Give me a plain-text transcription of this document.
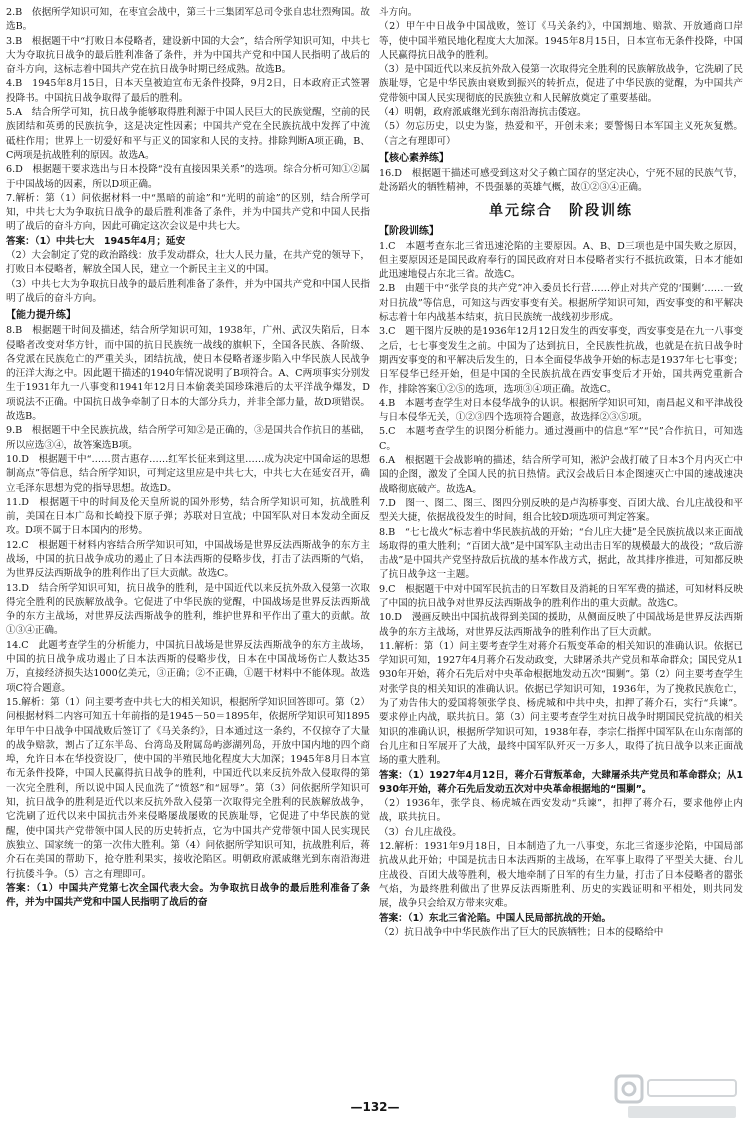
2.B　依据所学知识可知，在枣宜会战中，第三十三集团军总司令张自忠壮烈殉国。故选B。

3.B　根据题干中“打败日本侵略者，建设新中国的大会”，结合所学知识可知，中共七大为夺取抗日战争的最后胜利准备了条件，并为中国共产党和中国人民指明了战后的奋斗方向，这标志着中国共产党在抗日战争时期已经成熟。故选B。

4.B　1945年8月15日，日本天皇被迫宣布无条件投降，9月2日，日本政府正式签署投降书。中国抗日战争取得了最后的胜利。

5.A　结合所学可知，抗日战争能够取得胜利源于中国人民巨大的民族觉醒，空前的民族团结和英勇的民族抗争，这是决定性因素；中国共产党在全民族抗战中发挥了中流砥柱作用；世界上一切爱好和平与正义的国家和人民的支持。排除判断A项正确，B、C两项是抗战胜利的原因。故选A。

6.D　根据题干要求选出与日本投降“没有直接因果关系”的选项。综合分析可知①②属于中国战场的因素，所以D项正确。

7.解析：第（1）问依据材料一中“黑暗的前途”和“光明的前途”的区别，结合所学可知，中共七大为争取抗日战争的最后胜利准备了条件，并为中国共产党和中国人民指明了战后的奋斗方向，因此可确定这次会议是中共七大。

答案：（1）中共七大　1945年4月；延安

（2）大会制定了党的政治路线：放手发动群众，壮大人民力量，在共产党的领导下，打败日本侵略者，解放全国人民，建立一个新民主主义的中国。

（3）中共七大为争取抗日战争的最后胜利准备了条件，并为中国共产党和中国人民指明了战后的奋斗方向。

【能力提升练】

8.B　根据题干时间及描述，结合所学知识可知，1938年，广州、武汉失陷后，日本侵略者改变对华方针，而中国的抗日民族统一战线的旗帜下，全国各民族、各阶级、各党派在民族危亡的严重关头，团结抗战，使日本侵略者逐步陷入中华民族人民战争的汪洋大海之中。因此题干描述的1940年情况说明了B项符合。A、C两项事实分别发生于1931年九一八事变和1941年12月日本偷袭美国珍珠港后的太平洋战争爆发，D项说法不正确。中国抗日战争牵制了日本的大部分兵力，并非全部力量，故D项错误。故选B。

9.B　根据题干中全民族抗战，结合所学可知②是正确的，③是国共合作抗日的基础，所以应选③④，故答案选B项。

10.D　根据题干中“……贯古惠存……红军长征来到这里……成为决定中国命运的思想制高点”等信息，结合所学知识，可判定这里应是中共七大，中共七大在延安召开，确立毛泽东思想为党的指导思想。故选D。

11.D　根据题干中的时间及伦天皇所说的国外形势，结合所学知识可知，抗战胜利前，美国在日本广岛和长崎投下原子弹；苏联对日宣战；中国军队对日本发动全面反攻。D项不属于日本国内的形势。

12.C　根据题干材料内容结合所学知识可知，中国战场是世界反法西斯战争的东方主战场，中国的抗日战争成功的遏止了日本法西斯的侵略步伐，打击了法西斯的气焰，为世界反法西斯战争的胜利作出了巨大贡献。故选C。

13.D　结合所学知识可知，抗日战争的胜利，是中国近代以来反抗外敌入侵第一次取得完全胜利的民族解放战争。它促进了中华民族的觉醒，中国战场是世界反法西斯战争的东方主战场，对世界反法西斯战争的胜利，维护世界和平作出了重大的贡献。故①③④正确。

14.C　此题考查学生的分析能力，中国抗日战场是世界反法西斯战争的东方主战场，中国的抗日战争成功遏止了日本法西斯的侵略步伐，日本在中国战场伤亡人数达35万，直接经济损失达1000亿美元，③正确；②不正确，①题干材料中不能体现。故选项C符合题意。

15.解析：第（1）问主要考查中共七大的相关知识，根据所学知识回答即可。第（2）问根据材料二内容可知五十年前指的是1945－50＝1895年，依据所学知识可知1895年甲午中日战争中国战败后签订了《马关条约》，日本通过这一条约，不仅掠夺了大量的战争赔款，割占了辽东半岛、台湾岛及附属岛屿澎湖列岛，开放中国内地的四个商埠，允许日本在华投资设厂，使中国的半殖民地化程度大大加深；1945年8月日本宣布无条件投降，中国人民赢得抗日战争的胜利，中国近代以来反抗外敌入侵取得的第一次完全胜利，所以说中国人民血洗了“愤怒”和“屈辱”。第（3）问依据所学知识可知，抗日战争的胜利是近代以来反抗外敌入侵第一次取得完全胜利的民族解放战争，它洗刷了近代以来中国抗击外来侵略屡战屡败的民族耻辱，它促进了中华民族的觉醒，使中国共产党带领中国人民的历史转折点，它为中国共产党带领中国人民实现民族独立、国家统一的第一次伟大胜利。第（4）问依据所学知识可知，抗战胜利后，蒋介石在美国的帮助下，抢夺胜利果实，接收沦陷区。明朝政府派戚继光到东南沿海进行抗倭斗争。（5）言之有理即可。

答案：（1）中国共产党第七次全国代表大会。为争取抗日战争的最后胜利准备了条件，并为中国共产党和中国人民指明了战后的奋

斗方向。

（2）甲午中日战争中国战败，签订《马关条约》，中国割地、赔款、开放通商口岸等，使中国半殖民地化程度大大加深。1945年8月15日，日本宣布无条件投降，中国人民赢得抗日战争的胜利。

（3）是中国近代以来反抗外敌入侵第一次取得完全胜利的民族解放战争，它洗刷了民族耻辱，它是中华民族由衰败到振兴的转折点，促进了中华民族的觉醒，为中国共产党带领中国人民实现彻底的民族独立和人民解放奠定了重要基础。

（4）明朝，政府派戚继光到东南沿海抗击倭寇。

（5）勿忘历史，以史为鉴，热爱和平，开创未来；要警惕日本军国主义死灰复燃。（言之有理即可）

【核心素养练】

16.D　根据题干描述可感受到这对父子赖亡国存的坚定决心，宁死不屈的民族气节，赴汤蹈火的牺牲精神，不畏强暴的英雄气概，故①②③④正确。

单元综合　阶段训练
【阶段训练】

1.C　本题考查东北三省迅速沦陷的主要原因。A、B、D三项也是中国失败之原因，但主要原因还是国民政府奉行的国民政府对日本侵略者实行不抵抗政策，日本才能如此迅速地侵占东北三省。故选C。

2.B　由题干中“张学良的共产党”冲入委员长行营……停止对共产党的‘围剿’……一致对日抗战”等信息，可知这与西安事变有关。根据所学知识可知，西安事变的和平解决标志着十年内战基本结束，抗日民族统一战线初步形成。

3.C　题干图片反映的是1936年12月12日发生的西安事变，西安事变是在九一八事变之后，七七事变发生之前。中国为了达到抗日，全民族性抗战，也就是在抗日战争时期西安事变的和平解决后发生的，日本全面侵华战争开始的标志是1937年七七事变；日军侵华已经开始，但是中国的全民族抗战在西安事变后才开始，国共两党重新合作，排除答案①②⑤的选项，选项③④项正确。故选C。

4.B　本题考查学生对日本侵华战争的认识。根据所学知识可知，南昌起义和平津战役与日本侵华无关，①②③四个选项符合题意，故选择②③⑤项。

5.C　本题考查学生的识图分析能力。通过漫画中的信息“军”“民”合作抗日，可知选C。

6.A　根据题干会战影响的描述，结合所学可知，淞沪会战打破了日本3个月内灭亡中国的企图，激发了全国人民的抗日热情。武汉会战后日本企图速灭亡中国的速战速决战略彻底破产。故选A。

7.D　图一、图二、图三、图四分别反映的是卢沟桥事变、百团大战、台儿庄战役和平型关大捷，依据战役发生的时间，组合比较D项选项可判定答案。

8.B　“七七战火”标志着中华民族抗战的开始；“台儿庄大捷”是全民族抗战以来正面战场取得的重大胜利；“百团大战”是中国军队主动出击日军的规模最大的战役；“敌后游击战”是中国共产党坚持敌后抗战的基本作战方式，据此，故其排序推进，可知都反映了抗日战争这一主题。

9.C　根据题干中对中国军民抗击的日军数目及消耗的日军军费的描述，可知材料反映了中国的抗日战争对世界反法西斯战争的胜利作出的重大贡献。故选C。

10.D　漫画反映出中国抗战得到美国的援助，从侧面反映了中国战场是世界反法西斯战争的东方主战场，对世界反法西斯战争的胜利作出了巨大贡献。

11.解析：第（1）问主要考查学生对蒋介石叛变革命的相关知识的准确认识。依据已学知识可知，1927年4月蒋介石发动政变，大肆屠杀共产党员和革命群众；国民党从1930年开始，蒋介石先后对中央革命根据地发动五次“围剿”。第（2）问主要考查学生对张学良的相关知识的准确认识。依据已学知识可知，1936年，为了挽救民族危亡，为了劝告伟大的爱国将领张学良、杨虎城和中共中央，扣押了蒋介石，实行“兵谏”。要求停止内战，联共抗日。第（3）问主要考查学生对抗日战争时期国民党抗战的相关知识的准确认识，根据所学知识可知，1938年春，李宗仁指挥中国军队在山东南部的台儿庄和日军展开了大战，最终中国军队歼灭一万多人，取得了抗日战争以来正面战场的重大胜利。

答案：（1）1927年4月12日，蒋介石背叛革命，大肆屠杀共产党员和革命群众；从1930年开始，蒋介石先后发动五次对中央革命根据地的“围剿”。

（2）1936年，张学良、杨虎城在西安发动“兵谏”，扣押了蒋介石，要求他停止内战，联共抗日。

（3）台儿庄战役。

12.解析：1931年9月18日，日本制造了九一八事变，东北三省逐步沦陷，中国局部抗战从此开始；中国是抗击日本法西斯的主战场，在军事上取得了平型关大捷、台儿庄战役、百团大战等胜利，极大地牵制了日军的有生力量，打击了日本侵略者的嚣张气焰，为最终胜利做出了世界反法西斯胜利、历史的实践证明和平相处，则共同发展，战争只会给双方带来灾难。

答案：（1）东北三省沦陷。中国人民局部抗战的开始。

（2）抗日战争中中华民族作出了巨大的民族牺牲；日本的侵略给中

—132—
